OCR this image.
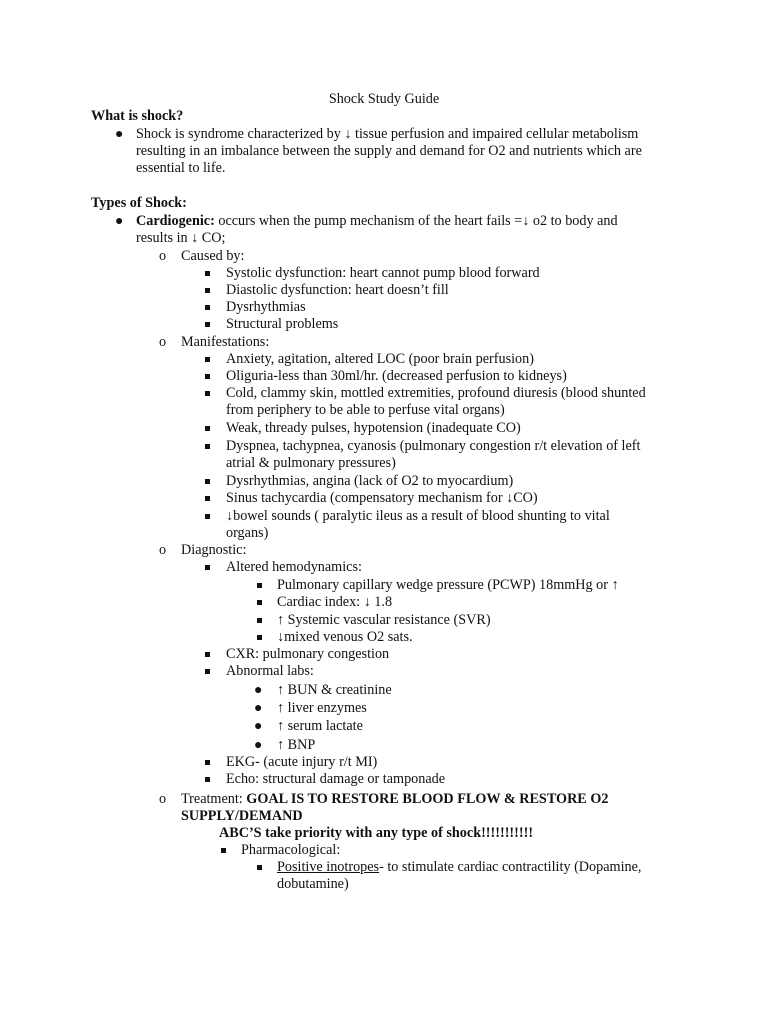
Shock Study Guide
What is shock?
● Shock is syndrome characterized by ↓ tissue perfusion and impaired cellular metabolism
resulting in an imbalance between the supply and demand for O2 and nutrients which are
essential to life.
Types of Shock:
● Cardiogenic: occurs when the pump mechanism of the heart fails =↓ o2 to body and
results in ↓ CO;
o Caused by:
Systolic dysfunction: heart cannot pump blood forward
Diastolic dysfunction: heart doesn’t fill
Dysrhythmias
Structural problems
o Manifestations:
Anxiety, agitation, altered LOC (poor brain perfusion)
Oliguria-less than 30ml/hr. (decreased perfusion to kidneys)
Cold, clammy skin, mottled extremities, profound diuresis (blood shunted
from periphery to be able to perfuse vital organs)
Weak, thready pulses, hypotension (inadequate CO)
Dyspnea, tachypnea, cyanosis (pulmonary congestion r/t elevation of left
atrial & pulmonary pressures)
Dysrhythmias, angina (lack of O2 to myocardium)
Sinus tachycardia (compensatory mechanism for ↓CO)
↓bowel sounds ( paralytic ileus as a result of blood shunting to vital
organs)
o Diagnostic:
Altered hemodynamics:
Pulmonary capillary wedge pressure (PCWP) 18mmHg or ↑
Cardiac index: ↓ 1.8
↑ Systemic vascular resistance (SVR)
↓mixed venous O2 sats.
CXR: pulmonary congestion
Abnormal labs:
● ↑ BUN & creatinine
● ↑ liver enzymes
● ↑ serum lactate
● ↑ BNP
EKG- (acute injury r/t MI)
Echo: structural damage or tamponade
o Treatment: GOAL IS TO RESTORE BLOOD FLOW & RESTORE O2
SUPPLY/DEMAND
ABC’S take priority with any type of shock!!!!!!!!!!!
Pharmacological:
Positive inotropes- to stimulate cardiac contractility (Dopamine,
dobutamine)
